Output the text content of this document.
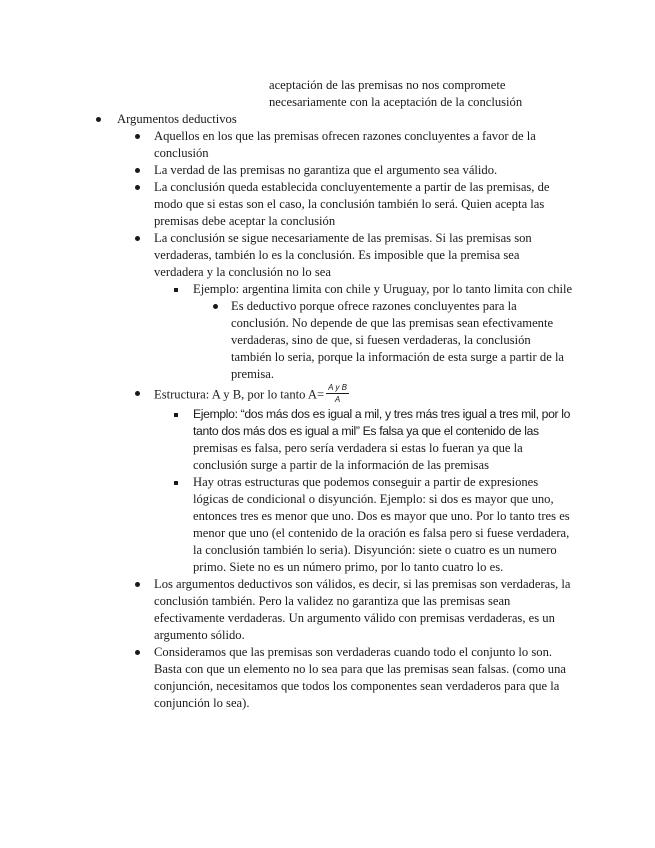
aceptación de las premisas no nos compromete
necesariamente con la aceptación de la conclusión
Argumentos deductivos
Aquellos en los que las premisas ofrecen razones concluyentes a favor de la conclusión
La verdad de las premisas no garantiza que el argumento sea válido.
La conclusión queda establecida concluyentemente a partir de las premisas, de modo que si estas son el caso, la conclusión también lo será. Quien acepta las premisas debe aceptar la conclusión
La conclusión se sigue necesariamente de las premisas. Si las premisas son verdaderas, también lo es la conclusión. Es imposible que la premisa sea verdadera y la conclusión no lo sea
Ejemplo: argentina limita con chile y Uruguay, por lo tanto limita con chile
Es deductivo porque ofrece razones concluyentes para la conclusión. No depende de que las premisas sean efectivamente verdaderas, sino de que, si fuesen verdaderas, la conclusión también lo seria, porque la información de esta surge a partir de la premisa.
Estructura: A y B, por lo tanto $A= \frac{\text{A y B}}{A}$
Ejemplo: “dos más dos es igual a mil, y tres más tres igual a tres mil, por lo tanto dos más dos es igual a mil” Es falsa ya que el contenido de las premisas es falsa, pero sería verdadera si estas lo fueran ya que la conclusión surge a partir de la información de las premisas
Hay otras estructuras que podemos conseguir a partir de expresiones lógicas de condicional o disyunción. Ejemplo: si dos es mayor que uno, entonces tres es menor que uno. Dos es mayor que uno. Por lo tanto tres es menor que uno (el contenido de la oración es falsa pero si fuese verdadera, la conclusión también lo seria). Disyunción: siete o cuatro es un numero primo. Siete no es un número primo, por lo tanto cuatro lo es.
Los argumentos deductivos son válidos, es decir, si las premisas son verdaderas, la conclusión también. Pero la validez no garantiza que las premisas sean efectivamente verdaderas. Un argumento válido con premisas verdaderas, es un argumento sólido.
Consideramos que las premisas son verdaderas cuando todo el conjunto lo son. Basta con que un elemento no lo sea para que las premisas sean falsas. (como una conjunción, necesitamos que todos los componentes sean verdaderos para que la conjunción lo sea).
